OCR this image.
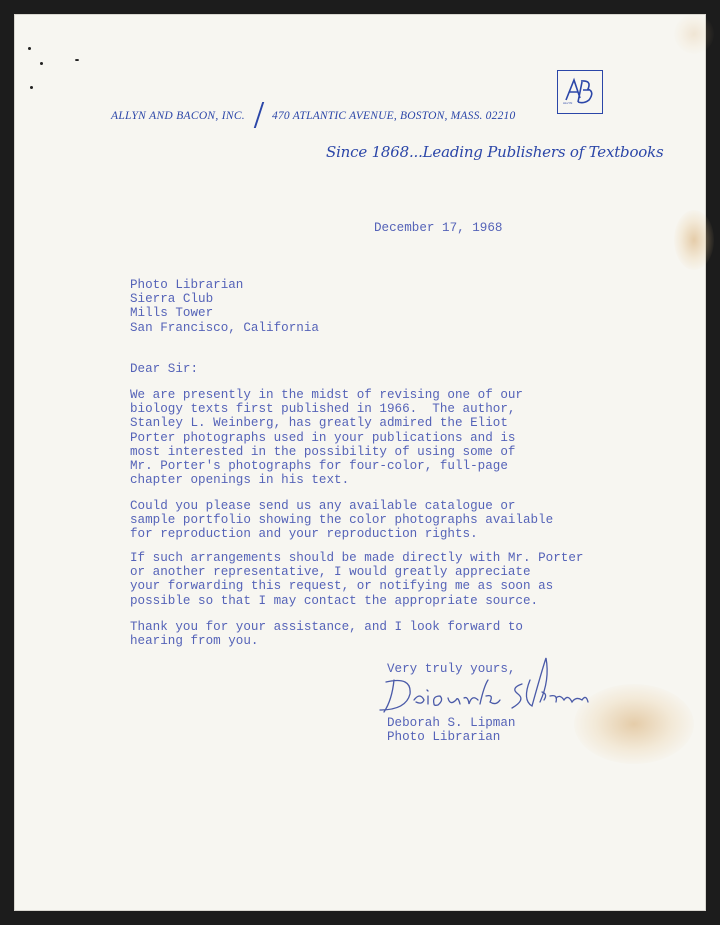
ALLYN
ALLYN AND BACON, INC. 470 ATLANTIC AVENUE, BOSTON, MASS. 02210
Since 1868...Leading Publishers of Textbooks
December 17, 1968
Photo Librarian
Sierra Club
Mills Tower
San Francisco, California
Dear Sir:
We are presently in the midst of revising one of our
biology texts first published in 1966.  The author,
Stanley L. Weinberg, has greatly admired the Eliot
Porter photographs used in your publications and is
most interested in the possibility of using some of
Mr. Porter's photographs for four-color, full-page
chapter openings in his text.
Could you please send us any available catalogue or
sample portfolio showing the color photographs available
for reproduction and your reproduction rights.
If such arrangements should be made directly with Mr. Porter
or another representative, I would greatly appreciate
your forwarding this request, or notifying me as soon as
possible so that I may contact the appropriate source.
Thank you for your assistance, and I look forward to
hearing from you.
Very truly yours,
Deborah S. Lipman
Deborah S. Lipman
Photo Librarian
